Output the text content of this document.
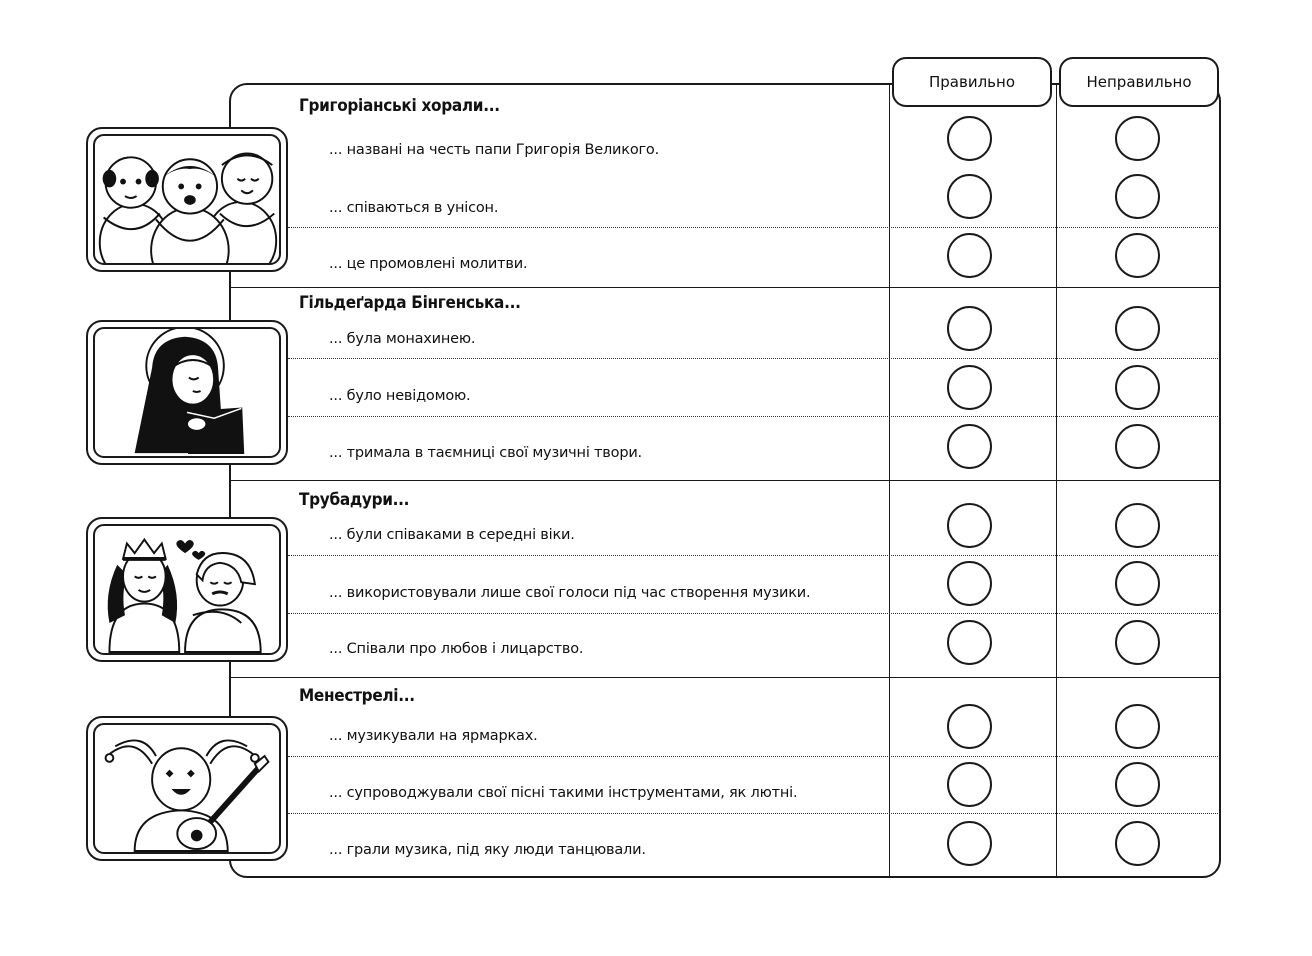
Правильно	Неправильно
Григоріанські хорали...
... названі на честь папи Григорія Великого.
... співаються в унісон.
... це промовлені молитви.
Гільдеґарда Бінгенська...
... була монахинею.
... було невідомою.
... тримала в таємниці свої музичні твори.
Трубадури...
... були співаками в середні віки.
... використовували лише свої голоси під час створення музики.
... Співали про любов і лицарство.
Менестрелі...
... музикували на ярмарках.
... супроводжували свої пісні такими інструментами, як лютні.
... грали музика, під яку люди танцювали.
